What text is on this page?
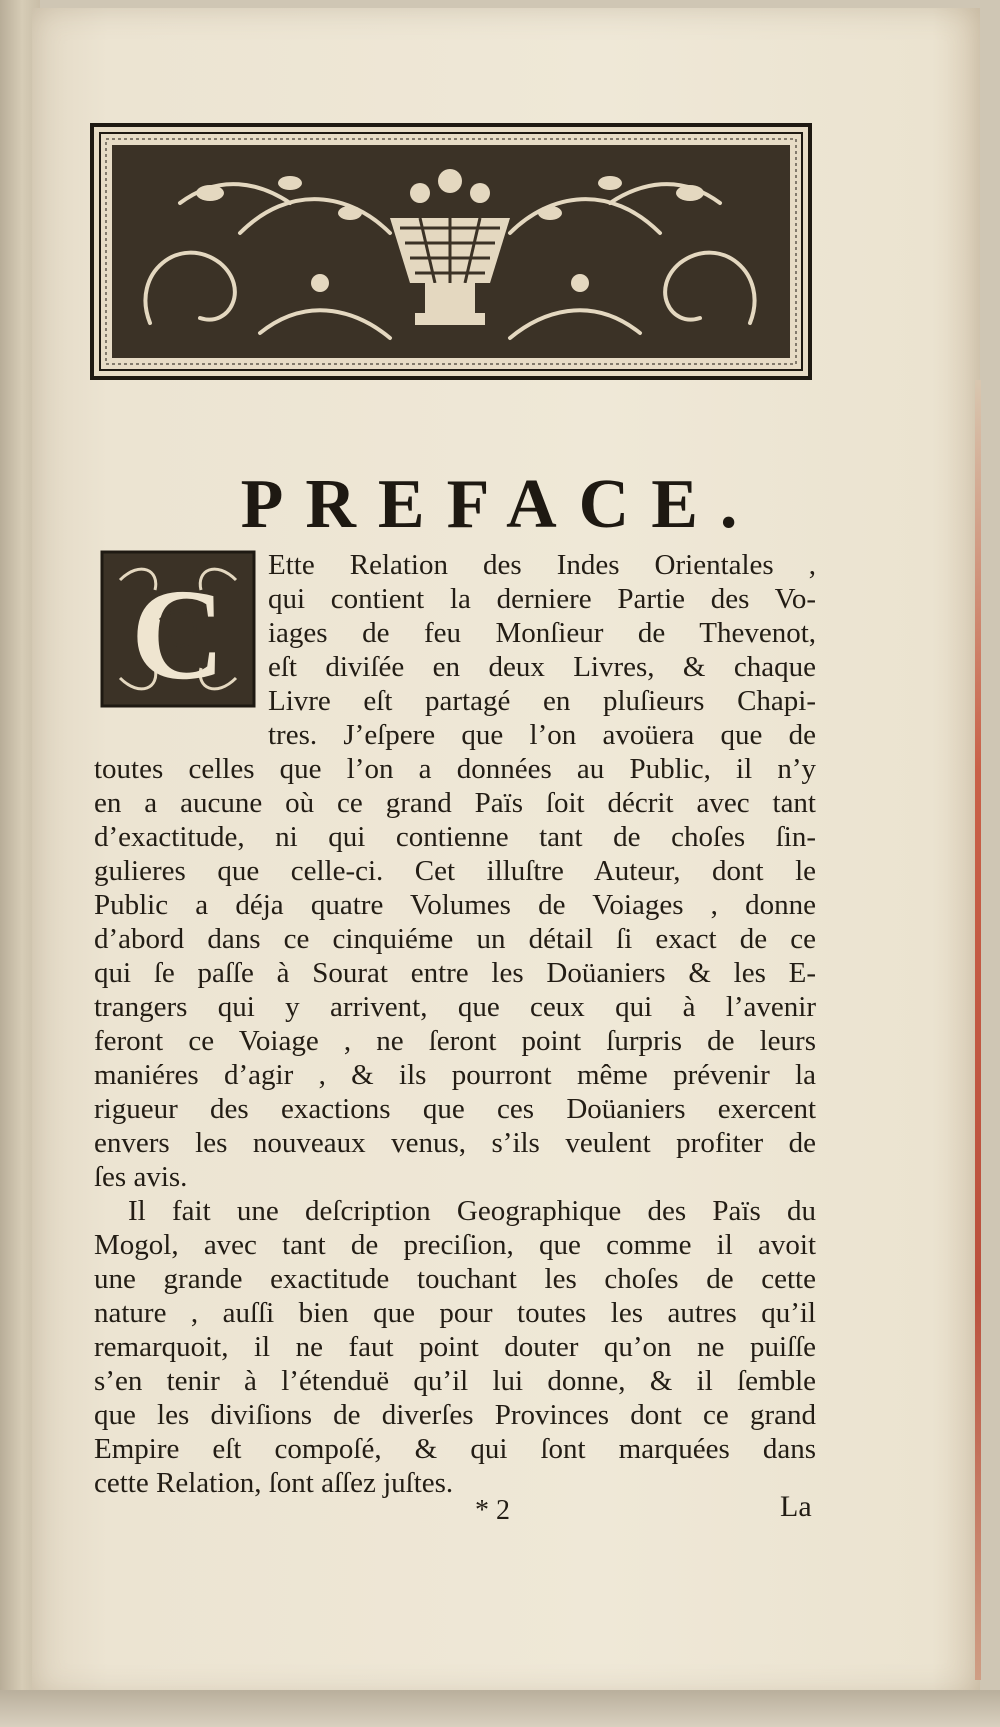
PREFACE.
C Ette Relation des Indes Orientales ,
qui contient la derniere Partie des Vo-
iages de feu Monſieur de Thevenot,
eſt diviſée en deux Livres, & chaque
Livre eſt partagé en pluſieurs Chapi-
tres. J’eſpere que l’on avoüera que de
toutes celles que l’on a données au Public, il n’y
en a aucune où ce grand Païs ſoit décrit avec tant
d’exactitude, ni qui contienne tant de choſes ſin-
gulieres que celle-ci. Cet illuſtre Auteur, dont le
Public a déja quatre Volumes de Voiages , donne
d’abord dans ce cinquiéme un détail ſi exact de ce
qui ſe paſſe à Sourat entre les Doüaniers & les E-
trangers qui y arrivent, que ceux qui à l’avenir
feront ce Voiage , ne ſeront point ſurpris de leurs
maniéres d’agir , & ils pourront même prévenir la
rigueur des exactions que ces Doüaniers exercent
envers les nouveaux venus, s’ils veulent profiter de
ſes avis.
Il fait une deſcription Geographique des Païs du
Mogol, avec tant de preciſion, que comme il avoit
une grande exactitude touchant les choſes de cette
nature , auſſi bien que pour toutes les autres qu’il
remarquoit, il ne faut point douter qu’on ne puiſſe
s’en tenir à l’étenduë qu’il lui donne, & il ſemble
que les diviſions de diverſes Provinces dont ce grand
Empire eſt compoſé, & qui ſont marquées dans
cette Relation, ſont aſſez juſtes.
* 2	La
